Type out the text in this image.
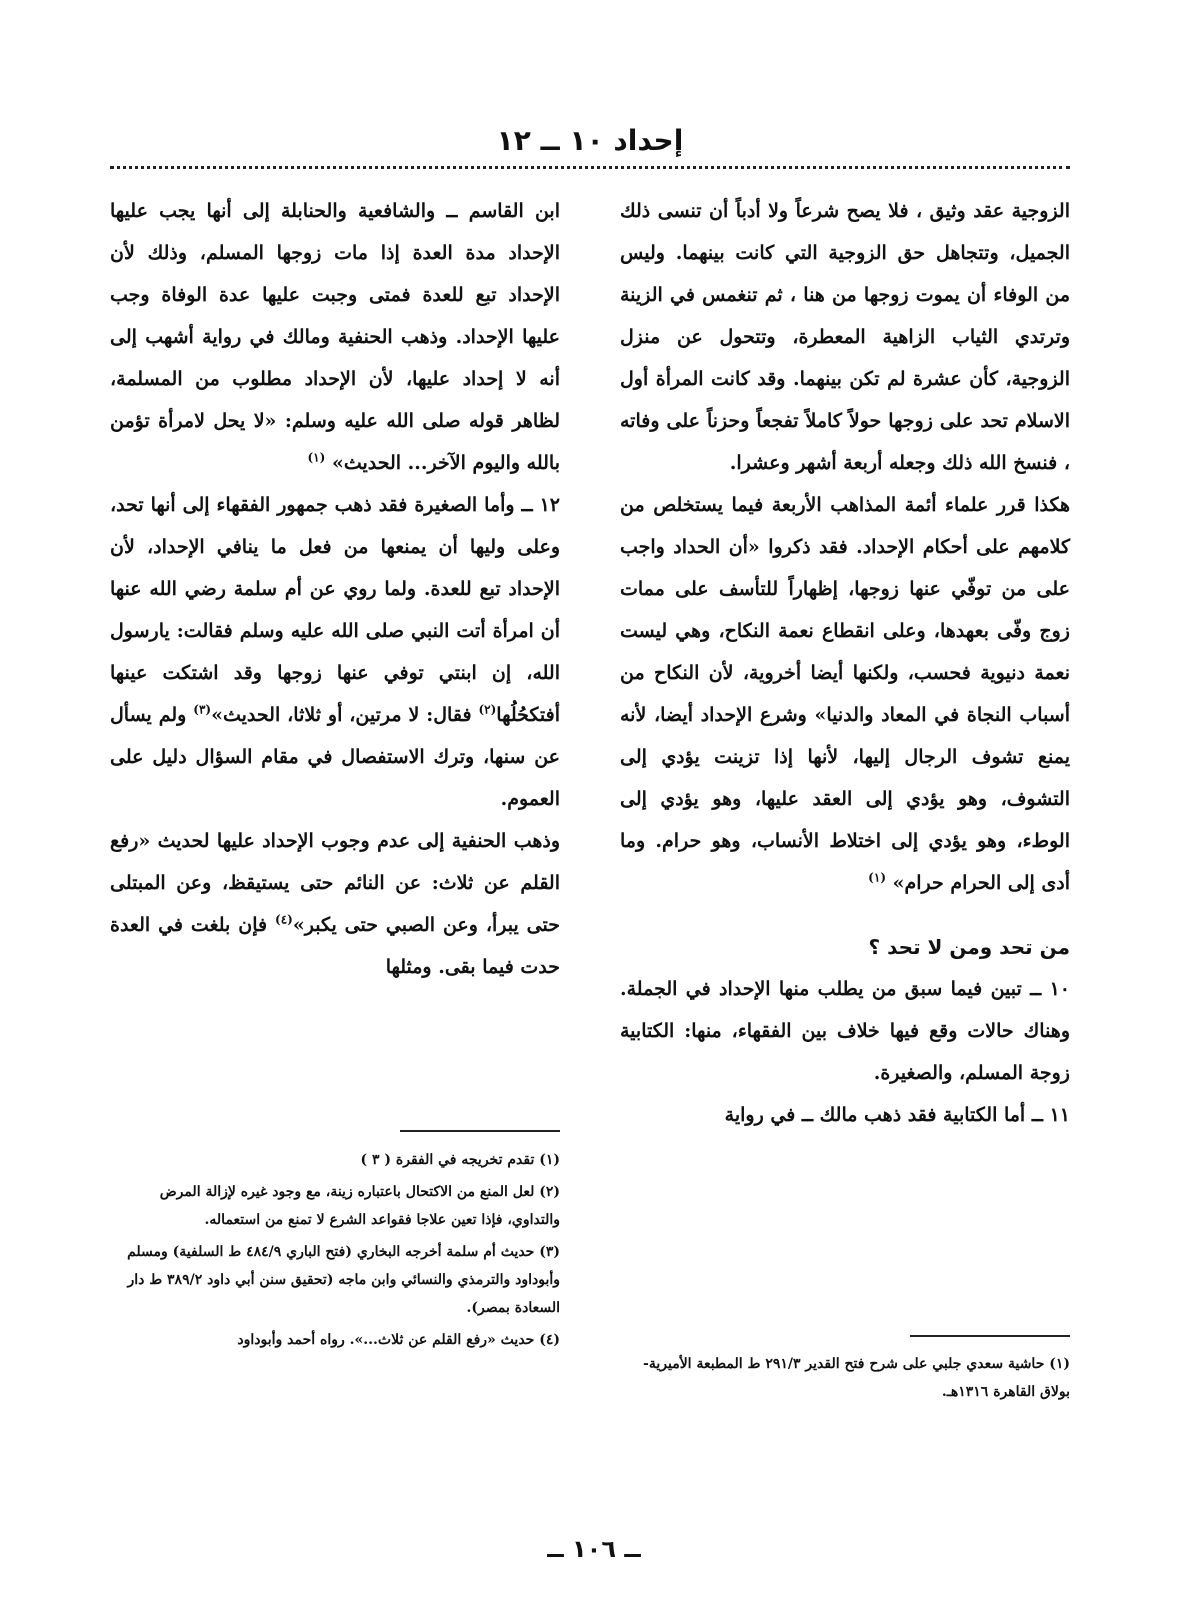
إحداد ١٠ ــ ١٢

الزوجية عقد وثيق ، فلا يصح شرعاً ولا أدباً أن تنسى ذلك الجميل، وتتجاهل حق الزوجية التي كانت بينهما. وليس من الوفاء أن يموت زوجها من هنا ، ثم تنغمس في الزينة وترتدي الثياب الزاهية المعطرة، وتتحول عن منزل الزوجية، كأن عشرة لم تكن بينهما. وقد كانت المرأة أول الاسلام تحد على زوجها حولاً كاملاً تفجعاً وحزناً على وفاته ، فنسخ الله ذلك وجعله أربعة أشهر وعشرا.

هكذا قرر علماء أئمة المذاهب الأربعة فيما يستخلص من كلامهم على أحكام الإحداد. فقد ذكروا «أن الحداد واجب على من توفّي عنها زوجها، إظهاراً للتأسف على ممات زوج وفّى بعهدها، وعلى انقطاع نعمة النكاح، وهي ليست نعمة دنيوية فحسب، ولكنها أيضا أخروية، لأن النكاح من أسباب النجاة في المعاد والدنيا» وشرع الإحداد أيضا، لأنه يمنع تشوف الرجال إليها، لأنها إذا تزينت يؤدي إلى التشوف، وهو يؤدي إلى العقد عليها، وهو يؤدي إلى الوطء، وهو يؤدي إلى اختلاط الأنساب، وهو حرام. وما أدى إلى الحرام حرام» $^{(١)}$

من تحد ومن لا تحد ؟

١٠ ــ تبين فيما سبق من يطلب منها الإحداد في الجملة. وهناك حالات وقع فيها خلاف بين الفقهاء، منها: الكتابية زوجة المسلم، والصغيرة.

١١ ــ أما الكتابية فقد ذهب مالك ــ في رواية

(١) حاشية سعدي جلبي على شرح فتح القدير ٢٩١/٣ ط المطبعة الأميرية- بولاق القاهرة ١٣١٦هـ.

ابن القاسم ــ والشافعية والحنابلة إلى أنها يجب عليها الإحداد مدة العدة إذا مات زوجها المسلم، وذلك لأن الإحداد تبع للعدة فمتى وجبت عليها عدة الوفاة وجب عليها الإحداد. وذهب الحنفية ومالك في رواية أشهب إلى أنه لا إحداد عليها، لأن الإحداد مطلوب من المسلمة، لظاهر قوله صلى الله عليه وسلم: «لا يحل لامرأة تؤمن بالله واليوم الآخر... الحديث» $^{(١)}$

١٢ ــ وأما الصغيرة فقد ذهب جمهور الفقهاء إلى أنها تحد، وعلى وليها أن يمنعها من فعل ما ينافي الإحداد، لأن الإحداد تبع للعدة. ولما روي عن أم سلمة رضي الله عنها أن امرأة أتت النبي صلى الله عليه وسلم فقالت: يارسول الله، إن ابنتي توفي عنها زوجها وقد اشتكت عينها أفتكحُلُها$^{(٢)}$ فقال: لا مرتين، أو ثلاثا، الحديث»$^{(٣)}$ ولم يسأل عن سنها، وترك الاستفصال في مقام السؤال دليل على العموم.

وذهب الحنفية إلى عدم وجوب الإحداد عليها لحديث «رفع القلم عن ثلاث: عن النائم حتى يستيقظ، وعن المبتلى حتى يبرأ، وعن الصبي حتى يكبر»$^{(٤)}$ فإن بلغت في العدة حدت فيما بقى. ومثلها

(١) تقدم تخريجه في الفقرة ( ٣ )

(٢) لعل المنع من الاكتحال باعتباره زينة، مع وجود غيره لإزالة المرض والتداوي، فإذا تعين علاجا فقواعد الشرع لا تمنع من استعماله.

(٣) حديث أم سلمة أخرجه البخاري (فتح الباري ٤٨٤/٩ ط السلفية) ومسلم وأبوداود والترمذي والنسائي وابن ماجه (تحقيق سنن أبي داود ٣٨٩/٢ ط دار السعادة بمصر).

(٤) حديث «رفع القلم عن ثلاث...». رواه أحمد وأبوداود

ــ ١٠٦ ــ
